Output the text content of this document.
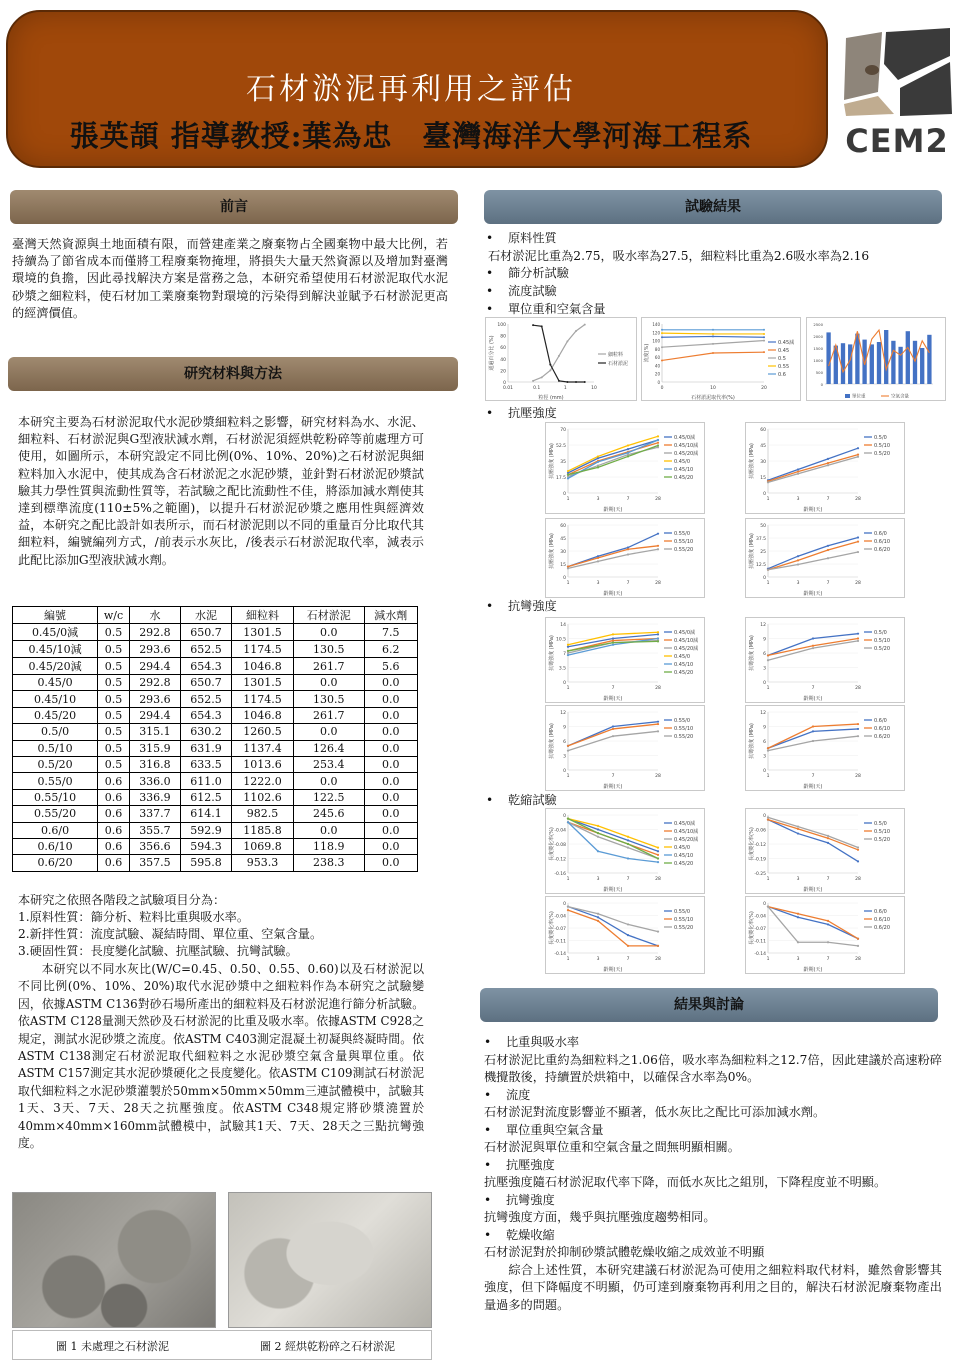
石材淤泥再利用之評估
張英頡 指導教授:葉為忠　臺灣海洋大學河海工程系	CEM2
前言
臺灣天然資源與土地面積有限，而營建產業之廢棄物占全國棄物中最大比例，若持續為了節省成本而僅將工程廢棄物掩埋，將損失大量天然資源以及增加對臺灣環境的負擔，因此尋找解決方案是當務之急，本研究希望使用石材淤泥取代水泥砂漿之細粒料，使石材加工業廢棄物對環境的污染得到解決並賦予石材淤泥更高的經濟價值。
研究材料與方法
本研究主要為石材淤泥取代水泥砂漿細粒料之影響，研究材料為水、水泥、細粒料、石材淤泥與G型液狀減水劑，石材淤泥須經烘乾粉碎等前處理方可使用，如圖所示，本研究設定不同比例(0%、10%、20%)之石材淤泥與細粒料加入水泥中，使其成為含石材淤泥之水泥砂漿，並針對石材淤泥砂漿試驗其力學性質與流動性質等，若試驗之配比流動性不佳，將添加減水劑使其達到標準流度(110±5%之範圍)，以提升石材淤泥砂漿之應用性與經濟效益，本研究之配比設計如表所示，而石材淤泥則以不同的重量百分比取代其細粒料，編號編列方式，/前表示水灰比，/後表示石材淤泥取代率，減表示此配比添加G型液狀減水劑。
編號	w/c	水	水泥	細粒料	石材淤泥	減水劑
0.45/0減	0.5	292.8	650.7	1301.5	0.0	7.5
0.45/10減	0.5	293.6	652.5	1174.5	130.5	6.2
0.45/20減	0.5	294.4	654.3	1046.8	261.7	5.6
0.45/0	0.5	292.8	650.7	1301.5	0.0	0.0
0.45/10	0.5	293.6	652.5	1174.5	130.5	0.0
0.45/20	0.5	294.4	654.3	1046.8	261.7	0.0
0.5/0	0.5	315.1	630.2	1260.5	0.0	0.0
0.5/10	0.5	315.9	631.9	1137.4	126.4	0.0
0.5/20	0.5	316.8	633.5	1013.6	253.4	0.0
0.55/0	0.6	336.0	611.0	1222.0	0.0	0.0
0.55/10	0.6	336.9	612.5	1102.6	122.5	0.0
0.55/20	0.6	337.7	614.1	982.5	245.6	0.0
0.6/0	0.6	355.7	592.9	1185.8	0.0	0.0
0.6/10	0.6	356.6	594.3	1069.8	118.9	0.0
0.6/20	0.6	357.5	595.8	953.3	238.3	0.0
本研究之依照各階段之試驗項目分為：
1.原料性質：篩分析、粒料比重與吸水率。
2.新拌性質：流度試驗、凝結時間、單位重、空氣含量。
3.硬固性質：長度變化試驗、抗壓試驗、抗彎試驗。
本研究以不同水灰比(W/C=0.45、0.50、0.55、0.60)以及石材淤泥以不同比例(0%、10%、20%)取代水泥砂漿中之細粒料作為本研究之試驗變因，依據ASTM C136對砂石場所產出的細粒料及石材淤泥進行篩分析試驗。依ASTM C128量測天然砂及石材淤泥的比重及吸水率。依據ASTM C928之規定，測試水泥砂漿之流度。依ASTM C403測定混凝土初凝與終凝時間。依ASTM C138測定石材淤泥取代細粒料之水泥砂漿空氣含量與單位重。依ASTM C157測定其水泥砂漿硬化之長度變化。依ASTM C109測試石材淤泥取代細粒料之水泥砂漿灌製於50mm×50mm×50mm三連試體模中，試驗其1天、3天、7天、28天之抗壓強度。依ASTM C348規定將砂漿澆置於40mm×40mm×160mm試體模中，試驗其1天、7天、28天之三點抗彎強度。
圖 1 未處理之石材淤泥	圖 2 經烘乾粉碎之石材淤泥
試驗結果
• 原料性質
石材淤泥比重為2.75，吸水率為27.5，細粒料比重為2.6吸水率為2.16
• 篩分析試驗
• 流度試驗
• 單位重和空氣含量
0
20
40
60
80
100
0.01	0.1	1	10
粒徑 (mm)
通過百分比 (%)	細粒料
石材淤泥
0
20
40
60
80
100
120
140
0	10	20
石材淤泥取代率(%)
流度(%)
0.45減
0.45
0.5
0.55
0.6
0
500
1000
1500
2000
2500
單位重	空氣含量
• 抗壓強度
0
17.5
35
52.5
70
1	3	7	28
齡期(天)
抗壓強度 (MPa)
0.45/0減
0.45/10減
0.45/20減
0.45/0
0.45/10
0.45/20
0
15
30
45
60
1	3	7	28
齡期(天)
抗壓強度 (MPa)
0.5/0
0.5/10
0.5/20
0
15
30
45
60
1	3	7	28
齡期(天)
抗壓強度 (MPa)	0.55/0
0.55/10
0.55/20
0
12.5
25
37.5
50
1	3	7	28
齡期(天)
抗壓強度 (MPa)	0.6/0
0.6/10
0.6/20
• 抗彎強度
0
3.5
7
10.5
14
1	7	28
齡期(天)
抗彎強度 (MPa)
0.45/0減
0.45/10減
0.45/20減
0.45/0
0.45/10
0.45/20
0
3
6
9
12
1	7	28
齡期(天)
抗彎強度 (MPa)
0.5/0
0.5/10
0.5/20
0
3
6
9
12
1	7	28
齡期(天)
抗彎強度 (MPa)
0.55/0
0.55/10
0.55/20
0
3
6
9
12
1	7	28
齡期(天)
抗彎強度 (MPa)
0.6/0
0.6/10
0.6/20
• 乾縮試驗
-0.16
-0.12
-0.08
-0.04
0
1	3	7	28
齡期(天)
長度變化率(%)
0.45/0減
0.45/10減
0.45/20減
0.45/0
0.45/10
0.45/20
-0.25
-0.19
-0.12
-0.06
0
1	3	7	28
齡期(天)
長度變化率(%)
0.5/0
0.5/10
0.5/20
-0.14
-0.11
-0.07
-0.04
0
1	3	7	28
齡期(天)
長度變化率(%)	0.55/0
0.55/10
0.55/20
-0.14
-0.11
-0.07
-0.04
0
1	3	7	28
齡期(天)
長度變化率(%)	0.6/0
0.6/10
0.6/20
結果與討論
• 比重與吸水率
石材淤泥比重約為細粒料之1.06倍，吸水率為細粒料之12.7倍，因此建議於高速粉碎機攪散後，持續置於烘箱中，以確保含水率為0%。
• 流度
石材淤泥對流度影響並不顯著，低水灰比之配比可添加減水劑。
• 單位重與空氣含量
石材淤泥與單位重和空氣含量之間無明顯相關。
• 抗壓強度
抗壓強度隨石材淤泥取代率下降，而低水灰比之組別，下降程度並不明顯。
• 抗彎強度
抗彎強度方面，幾乎與抗壓強度趨勢相同。
• 乾燥收縮
石材淤泥對於抑制砂漿試體乾燥收縮之成效並不明顯
綜合上述性質，本研究建議石材淤泥為可使用之細粒料取代材料，雖然會影響其強度，但下降幅度不明顯，仍可達到廢棄物再利用之目的，解決石材淤泥廢棄物產出量過多的問題。
